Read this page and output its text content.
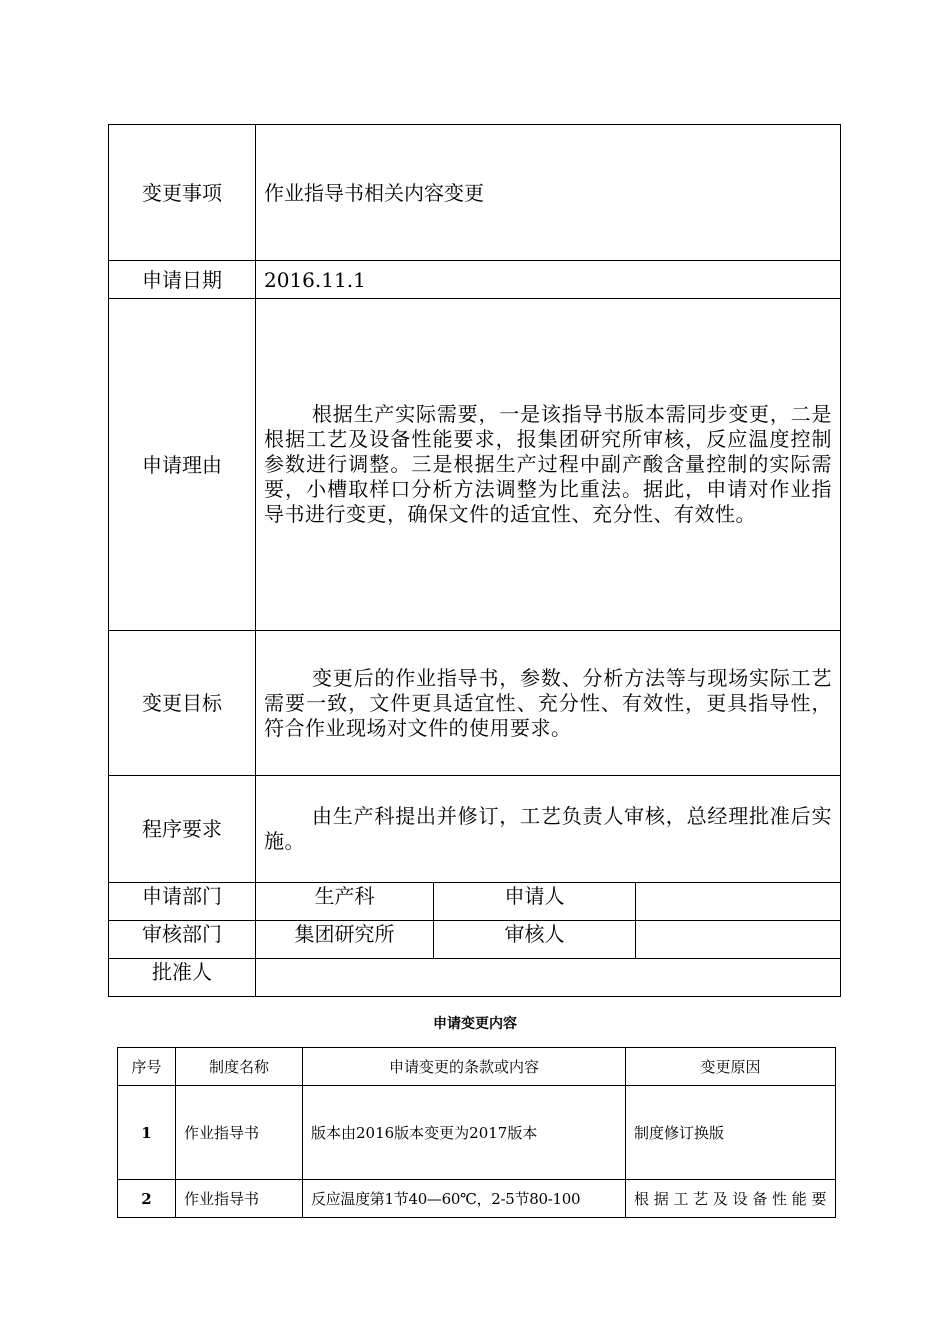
变更事项	作业指导书相关内容变更		
申请日期	2016.11.1		
申请理由	根据生产实际需要，一是该指导书版本需同步变更，二是根据工艺及设备性能要求，报集团研究所审核，反应温度控制参数进行调整。三是根据生产过程中副产酸含量控制的实际需要，小槽取样口分析方法调整为比重法。据此，申请对作业指导书进行变更，确保文件的适宜性、充分性、有效性。		

变更目标	变更后的作业指导书，参数、分析方法等与现场实际工艺需要一致，文件更具适宜性、充分性、有效性，更具指导性，符合作业现场对文件的使用要求。		

程序要求	由生产科提出并修订，工艺负责人审核，总经理批准后实施。		

申请部门	生产科	申请人	
审核部门	集团研究所	审核人	
批准人			
申请变更内容
序号	制度名称	申请变更的条款或内容	变更原因
1	作业指导书	版本由2016版本变更为2017版本	制度修订换版
2	作业指导书	反应温度第1节40—60℃，2-5节80-100	根据工艺及设备性能要
